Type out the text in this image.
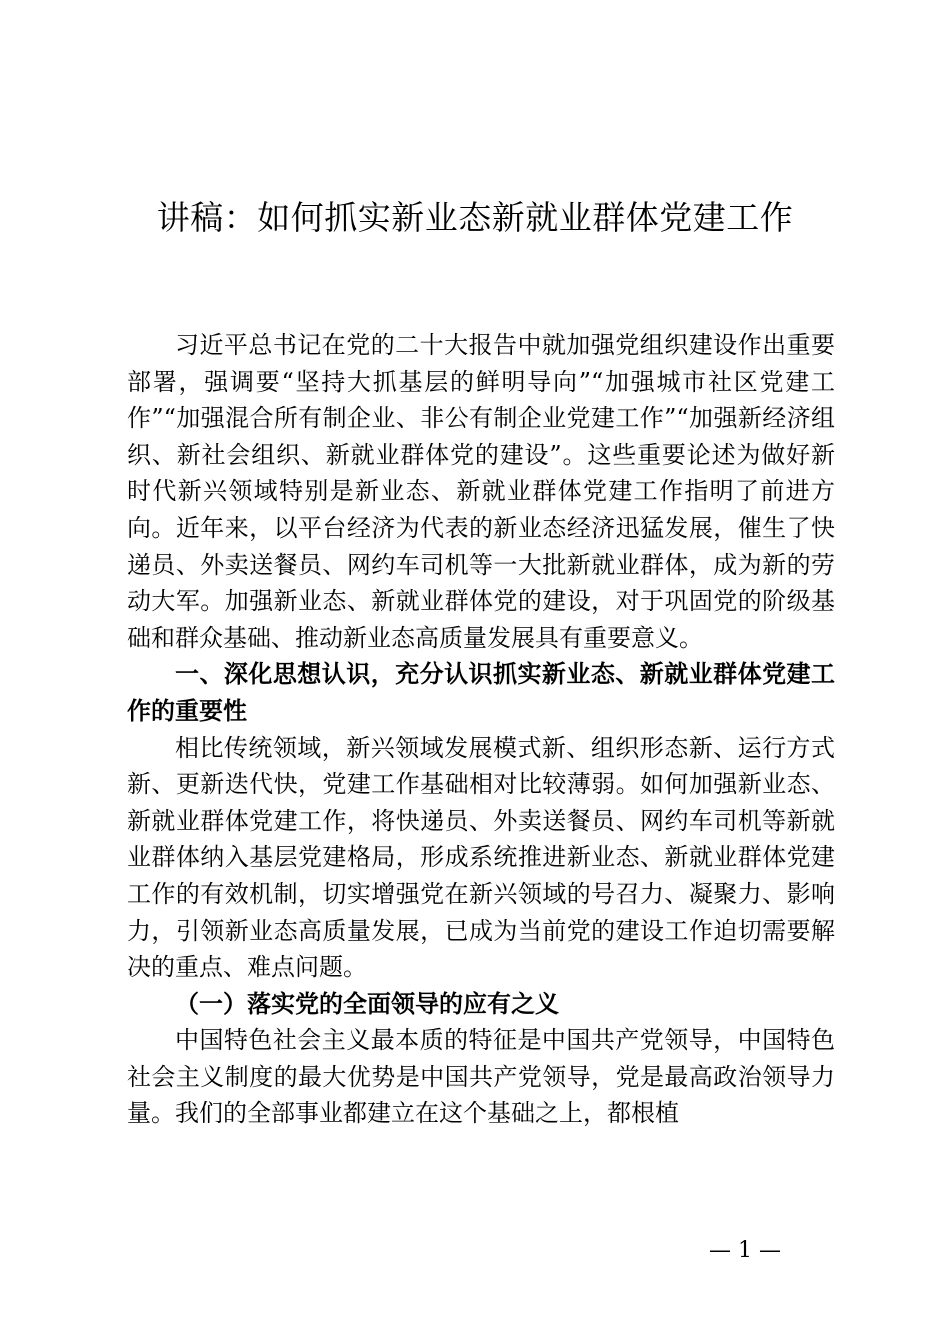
讲稿：如何抓实新业态新就业群体党建工作

习近平总书记在党的二十大报告中就加强党组织建设作出重要部署，强调要“坚持大抓基层的鲜明导向”“加强城市社区党建工作”“加强混合所有制企业、非公有制企业党建工作”“加强新经济组织、新社会组织、新就业群体党的建设”。这些重要论述为做好新时代新兴领域特别是新业态、新就业群体党建工作指明了前进方向。近年来，以平台经济为代表的新业态经济迅猛发展，催生了快递员、外卖送餐员、网约车司机等一大批新就业群体，成为新的劳动大军。加强新业态、新就业群体党的建设，对于巩固党的阶级基础和群众基础、推动新业态高质量发展具有重要意义。

一、深化思想认识，充分认识抓实新业态、新就业群体党建工作的重要性

相比传统领域，新兴领域发展模式新、组织形态新、运行方式新、更新迭代快，党建工作基础相对比较薄弱。如何加强新业态、新就业群体党建工作，将快递员、外卖送餐员、网约车司机等新就业群体纳入基层党建格局，形成系统推进新业态、新就业群体党建工作的有效机制，切实增强党在新兴领域的号召力、凝聚力、影响力，引领新业态高质量发展，已成为当前党的建设工作迫切需要解决的重点、难点问题。

（一）落实党的全面领导的应有之义

中国特色社会主义最本质的特征是中国共产党领导，中国特色社会主义制度的最大优势是中国共产党领导，党是最高政治领导力量。我们的全部事业都建立在这个基础之上，都根植

— 1 —
